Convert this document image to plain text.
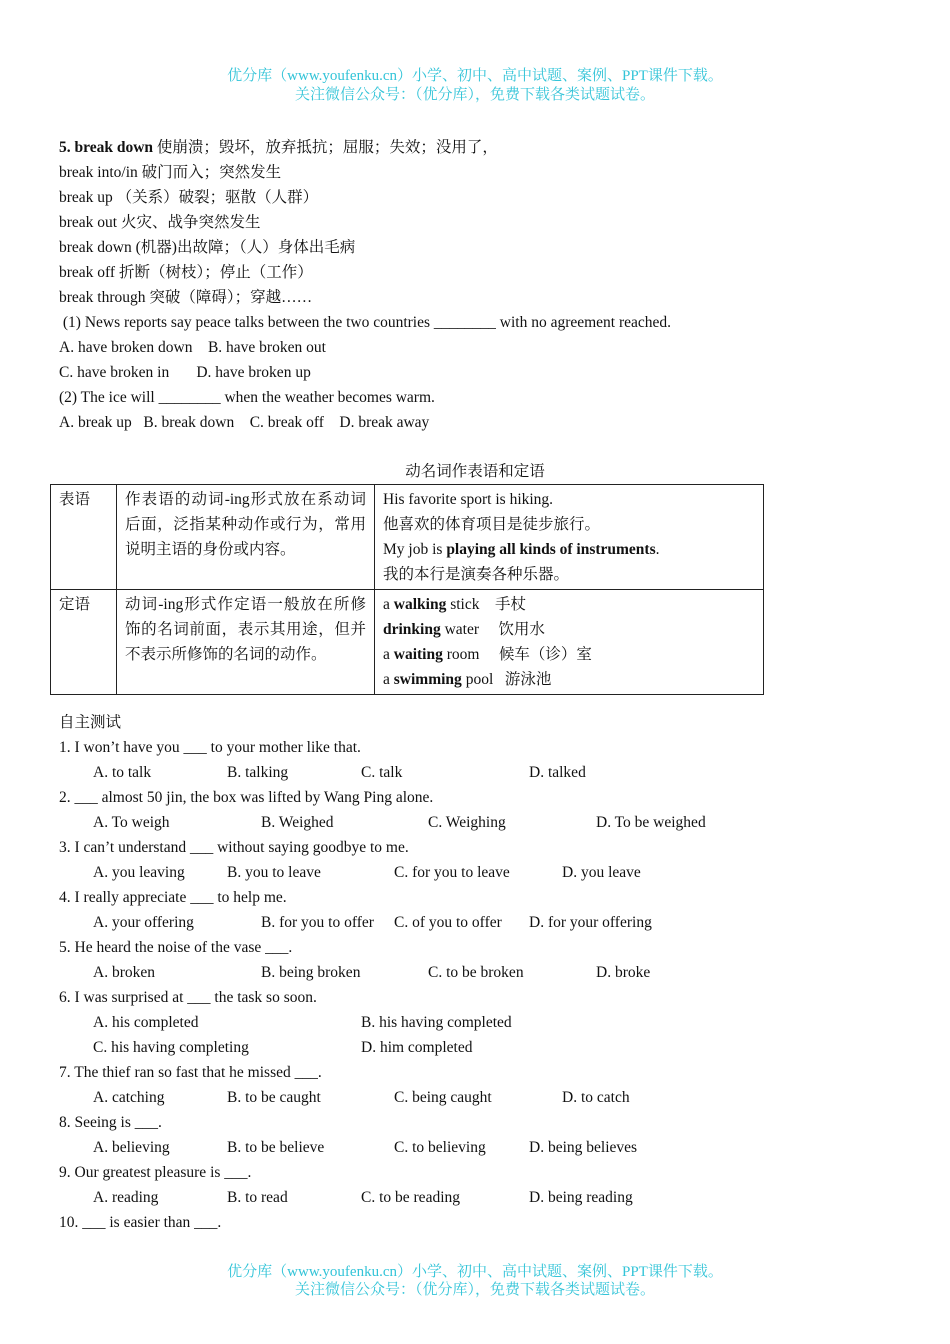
优分库（www.youfenku.cn）小学、初中、高中试题、案例、PPT课件下载。
关注微信公众号：（优分库），免费下载各类试题试卷。
5. break down 使崩溃；毁坏，放弃抵抗；屈服；失效；没用了，
break into/in 破门而入；突然发生
break up （关系）破裂；驱散（人群）
break out 火灾、战争突然发生
break down (机器)出故障；（人）身体出毛病
break off 折断（树枝）；停止（工作）
break through 突破（障碍）；穿越……
(1) News reports say peace talks between the two countries ________ with no agreement reached.
A. have broken down    B. have broken out
C. have broken in       D. have broken up
(2) The ice will ________ when the weather becomes warm.
A. break up   B. break down    C. break off    D. break away
动名词作表语和定语
表语	作表语的动词-ing形式放在系动词后面，泛指某种动作或行为，常用说明主语的身份或内容。	His favorite sport is hiking.
他喜欢的体育项目是徒步旅行。
My job is playing all kinds of instruments.
我的本行是演奏各种乐器。

定语	动词-ing形式作定语一般放在所修饰的名词前面，表示其用途，但并不表示所修饰的名词的动作。	a walking stick    手杖
drinking water     饮用水
a waiting room     候车（诊）室
a swimming pool   游泳池
自主测试
1. I won’t have you ___ to your mother like that.
A. to talk	B. talking	C. talk	D. talked
2. ___ almost 50 jin, the box was lifted by Wang Ping alone.
A. To weigh	B. Weighed	C. Weighing	D. To be weighed
3. I can’t understand ___ without saying goodbye to me.
A. you leaving	B. you to leave	C. for you to leave	D. you leave
4. I really appreciate ___ to help me.
A. your offering	B. for you to offer C. of you to offer D. for your offering
5. He heard the noise of the vase ___.
A. broken	B. being broken	C. to be broken	D. broke
6. I was surprised at ___ the task so soon.
A. his completed	B. his having completed
C. his having completing	D. him completed
7. The thief ran so fast that he missed ___.
A. catching	B. to be caught	C. being caught	D. to catch
8. Seeing is ___.
A. believing	B. to be believe	C. to believing	D. being believes
9. Our greatest pleasure is ___.
A. reading	B. to read	C. to be reading	D. being reading
10. ___ is easier than ___.
优分库（www.youfenku.cn）小学、初中、高中试题、案例、PPT课件下载。
关注微信公众号：（优分库），免费下载各类试题试卷。
